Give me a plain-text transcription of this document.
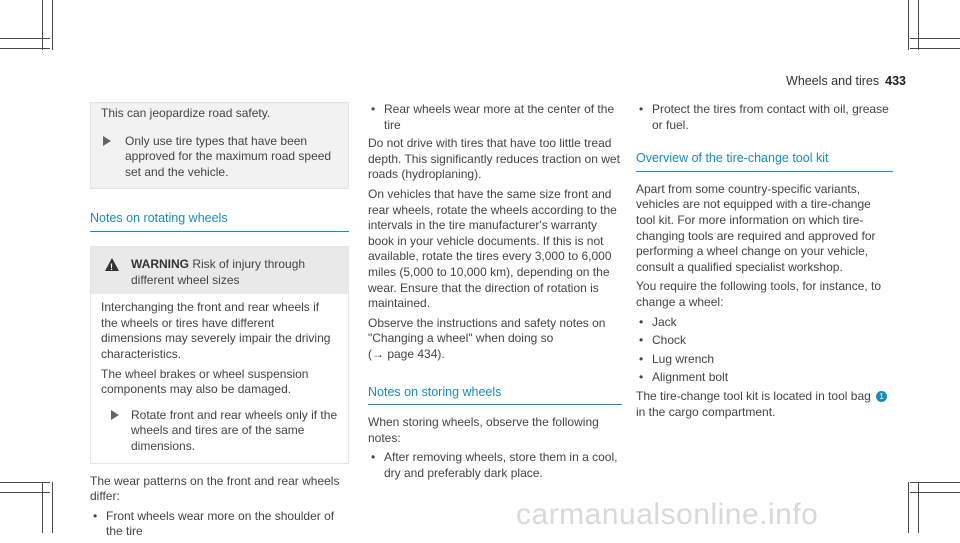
Wheels and tires 433

This can jeopardize road safety.

Only use tire types that have been approved for the maximum road speed set and the vehicle.
Notes on rotating wheels
!
WARNING Risk of injury through different wheel sizes

Interchanging the front and rear wheels if the wheels or tires have different dimensions may severely impair the driving characteristics.

The wheel brakes or wheel suspension components may also be damaged.

Rotate front and rear wheels only if the wheels and tires are of the same dimensions.

The wear patterns on the front and rear wheels differ:

• Front wheels wear more on the shoulder of the tire
• Rear wheels wear more at the center of the tire

Do not drive with tires that have too little tread depth. This significantly reduces traction on wet roads (hydroplaning).

On vehicles that have the same size front and rear wheels, rotate the wheels according to the intervals in the tire manufacturer's warranty book in your vehicle documents. If this is not available, rotate the tires every 3,000 to 6,000 miles (5,000 to 10,000 km), depending on the wear. Ensure that the direction of rotation is maintained.

Observe the instructions and safety notes on "Changing a wheel" when doing so
(→ page 434).

Notes on storing wheels

When storing wheels, observe the following notes:

• After removing wheels, store them in a cool, dry and preferably dark place.
• Protect the tires from contact with oil, grease or fuel.
Overview of the tire-change tool kit

Apart from some country-specific variants, vehicles are not equipped with a tire-change tool kit. For more information on which tire-changing tools are required and approved for performing a wheel change on your vehicle, consult a qualified specialist workshop.

You require the following tools, for instance, to change a wheel:

• Jack
• Chock
• Lug wrench
• Alignment bolt

The tire-change tool kit is located in tool bag 1
in the cargo compartment.

carmanualsonline.info
